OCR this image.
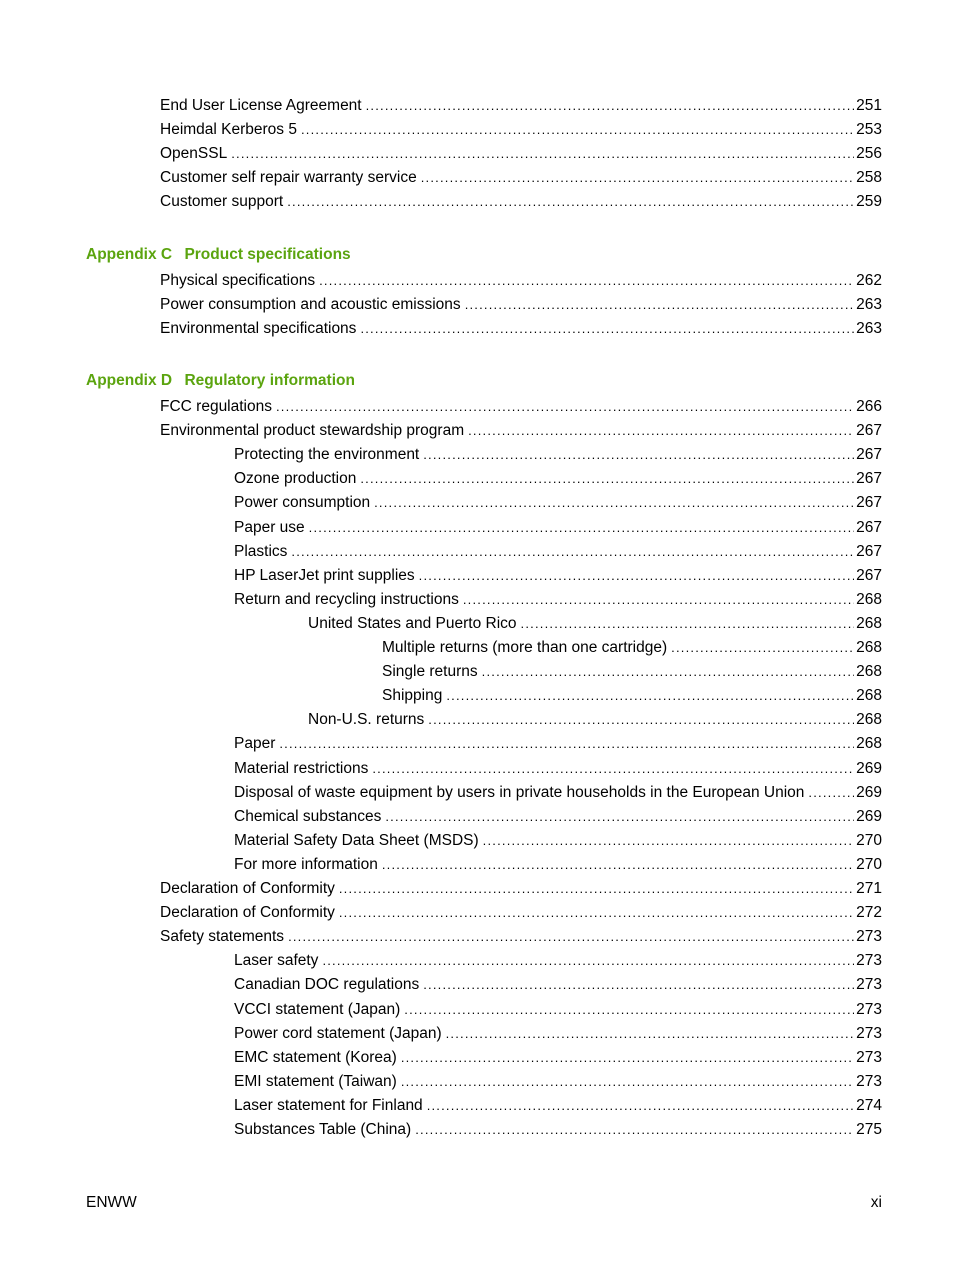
End User License Agreement .....	251
Heimdal Kerberos 5 .....	253
OpenSSL .....	256
Customer self repair warranty service .....	258
Customer support .....	259
Appendix C Product specifications
Physical specifications .....	262
Power consumption and acoustic emissions .....	263
Environmental specifications .....	263
Appendix D Regulatory information
FCC regulations .....	266
Environmental product stewardship program .....	267
Protecting the environment .....	267
Ozone production .....	267
Power consumption .....	267
Paper use .....	267
Plastics .....	267
HP LaserJet print supplies .....	267
Return and recycling instructions .....	268
United States and Puerto Rico .....	268
Multiple returns (more than one cartridge) .....	268
Single returns .....	268
Shipping .....	268
Non-U.S. returns .....	268
Paper .....	268
Material restrictions .....	269
Disposal of waste equipment by users in private households in the European Union .....	269
Chemical substances .....	269
Material Safety Data Sheet (MSDS) .....	270
For more information .....	270
Declaration of Conformity .....	271
Declaration of Conformity .....	272
Safety statements .....	273
Laser safety .....	273
Canadian DOC regulations .....	273
VCCI statement (Japan) .....	273
Power cord statement (Japan) .....	273
EMC statement (Korea) .....	273
EMI statement (Taiwan) .....	273
Laser statement for Finland .....	274
Substances Table (China) .....	275
ENWW	xi
